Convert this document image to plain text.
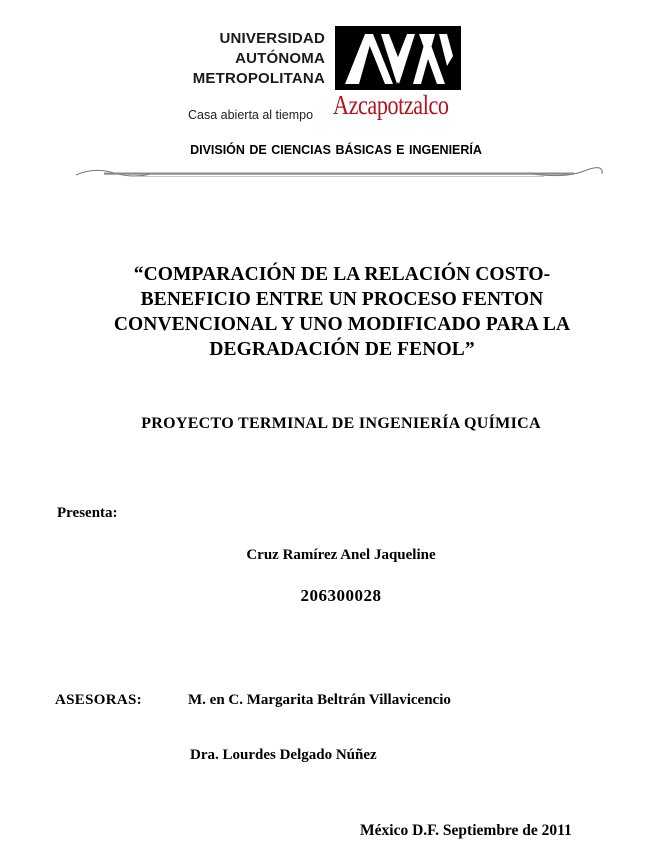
UNIVERSIDAD
AUTÓNOMA
METROPOLITANA
Casa abierta al tiempo Azcapotzalco
DIVISIÓN DE CIENCIAS BÁSICAS E INGENIERÍA
“COMPARACIÓN DE LA RELACIÓN COSTO-
BENEFICIO ENTRE UN PROCESO FENTON
CONVENCIONAL Y UNO MODIFICADO PARA LA
DEGRADACIÓN DE FENOL”
PROYECTO TERMINAL DE INGENIERÍA QUÍMICA
Presenta:
Cruz Ramírez Anel Jaqueline
206300028
ASESORAS:	M. en C. Margarita Beltrán Villavicencio
Dra. Lourdes Delgado Núñez
México D.F. Septiembre de 2011
